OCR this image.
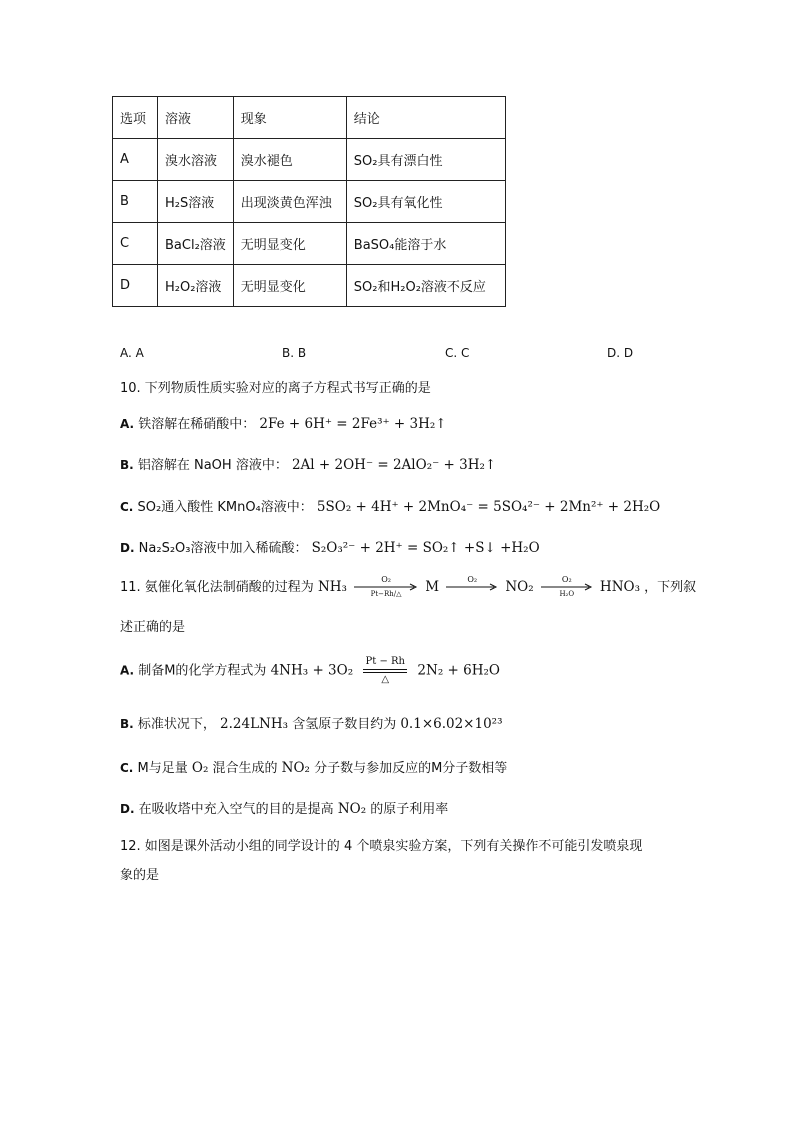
选项	溶液	现象	结论
A	溴水溶液	溴水褪色	SO₂具有漂白性
B	H₂S溶液	出现淡黄色浑浊	SO₂具有氧化性
C	BaCl₂溶液	无明显变化	BaSO₄能溶于水
D	H₂O₂溶液	无明显变化	SO₂和H₂O₂溶液不反应
A. A	B. B	C. C	D. D
10. 下列物质性质实验对应的离子方程式书写正确的是
A. 铁溶解在稀硝酸中： 2Fe + 6H⁺ = 2Fe³⁺ + 3H₂↑
B. 铝溶解在 NaOH 溶液中： 2Al + 2OH⁻ = 2AlO₂⁻ + 3H₂↑
C. SO₂通入酸性 KMnO₄溶液中： 5SO₂ + 4H⁺ + 2MnO₄⁻ = 5SO₄²⁻ + 2Mn²⁺ + 2H₂O
D. Na₂S₂O₃溶液中加入稀硫酸： S₂O₃²⁻ + 2H⁺ = SO₂↑ +S↓ +H₂O
11. 氨催化氧化法制硝酸的过程为 NH₃	O₂
Pt−Rh/△	M	O₂	NO₂	O₂
H₂O	HNO₃ ，下列叙
述正确的是
A. 制备M的化学方程式为 4NH₃ + 3O₂
Pt − Rh
△
2N₂ + 6H₂O
B. 标准状况下， 2.24LNH₃ 含氢原子数目约为 0.1×6.02×10²³
C. M与足量 O₂ 混合生成的 NO₂ 分子数与参加反应的M分子数相等
D. 在吸收塔中充入空气的目的是提高 NO₂ 的原子利用率
12. 如图是课外活动小组的同学设计的 4 个喷泉实验方案，下列有关操作不可能引发喷泉现
象的是
